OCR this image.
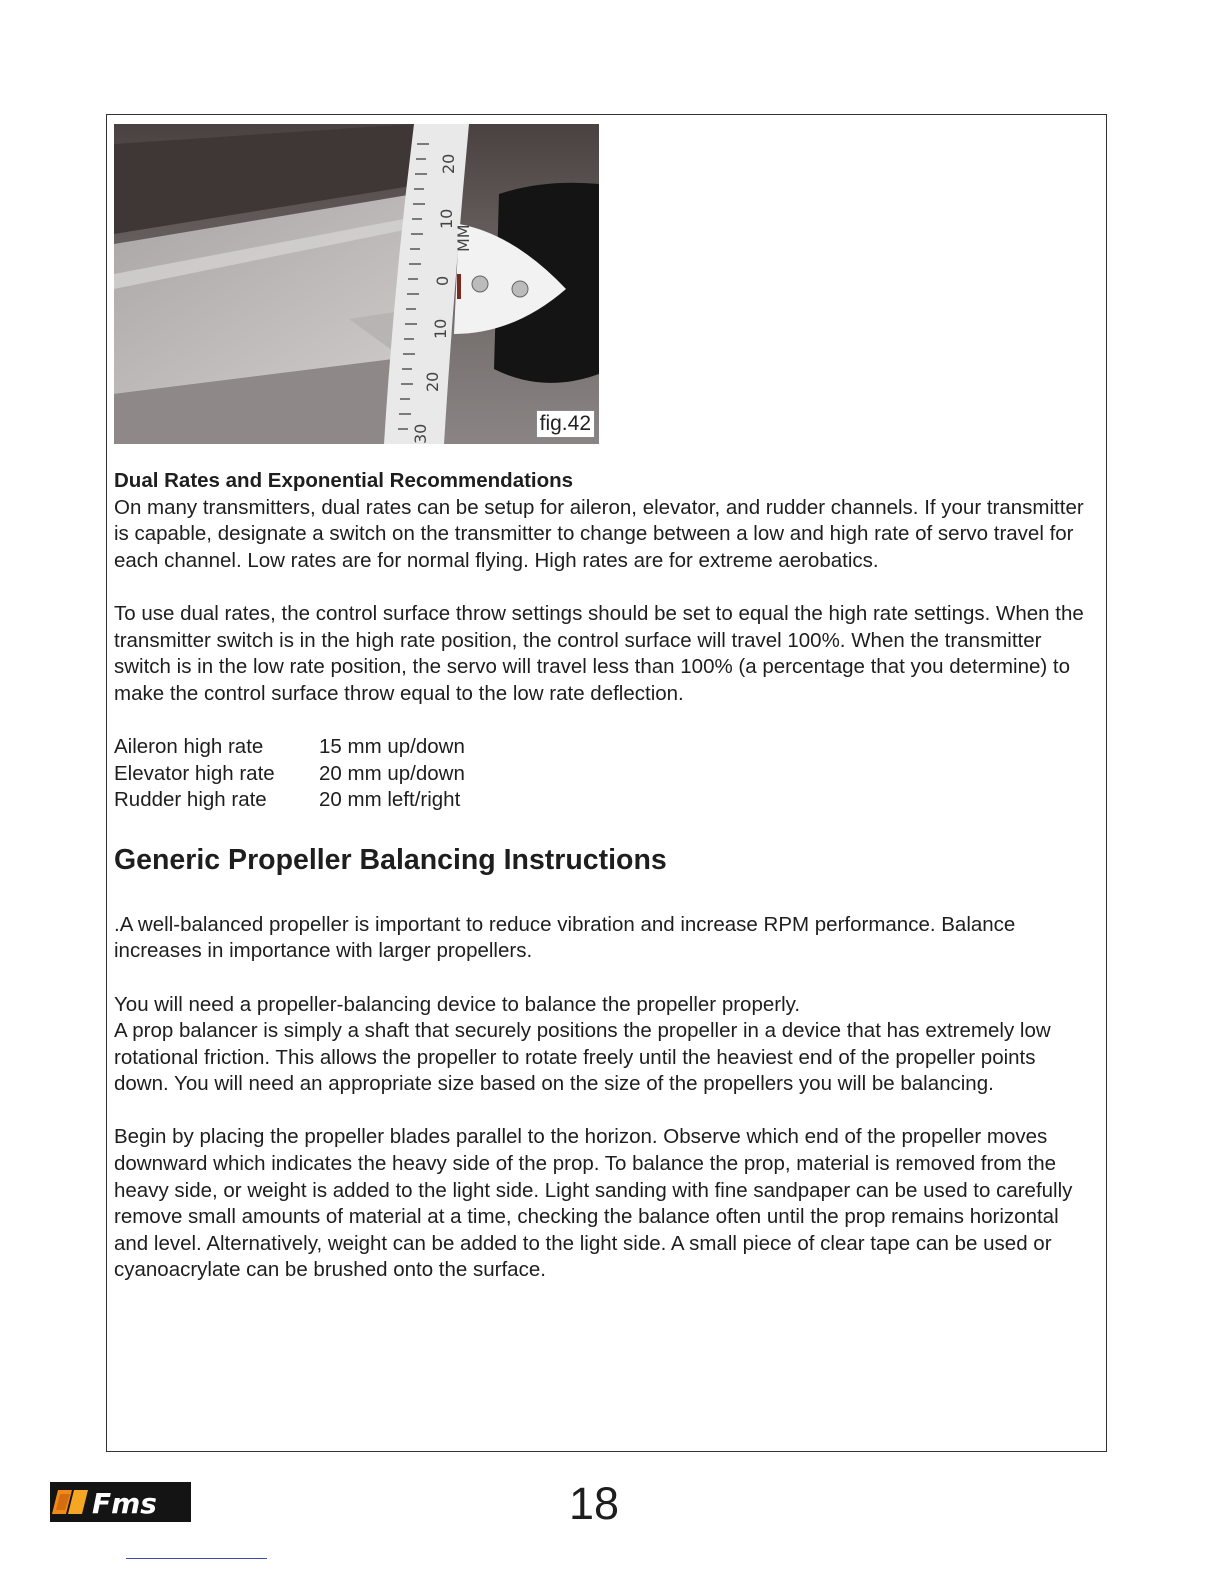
20
10
0
10
20
30
MM
fig.42

Dual Rates and Exponential Recommendations

On many transmitters, dual rates can be setup for aileron, elevator, and rudder channels. If your transmitter is capable, designate a switch on the transmitter to change between a low and high rate of servo travel for each channel. Low rates are for normal flying. High rates are for extreme aerobatics.

To use dual rates, the control surface throw settings should be set to equal the high rate settings. When the transmitter switch is in the high rate position, the control surface will travel 100%. When the transmitter switch is in the low rate position, the servo will travel less than 100% (a percentage that you determine) to make the control surface throw equal to the low rate deflection.

Aileron high rate	15 mm up/down
Elevator high rate	20 mm up/down
Rudder high rate	20 mm left/right

Generic Propeller Balancing Instructions

.A well-balanced propeller is important to reduce vibration and increase RPM performance. Balance increases in importance with larger propellers.

You will need a propeller-balancing device to balance the propeller properly.

A prop balancer is simply a shaft that securely positions the propeller in a device that has extremely low rotational friction. This allows the propeller to rotate freely until the heaviest end of the propeller points down. You will need an appropriate size based on the size of the propellers you will be balancing.

Begin by placing the propeller blades parallel to the horizon. Observe which end of the propeller moves downward which indicates the heavy side of the prop. To balance the prop, material is removed from the heavy side, or weight is added to the light side. Light sanding with fine sandpaper can be used to carefully remove small amounts of material at a time, checking the balance often until the prop remains horizontal and level. Alternatively, weight can be added to the light side. A small piece of clear tape can be used or cyanoacrylate can be brushed onto the surface.

Fms	18
